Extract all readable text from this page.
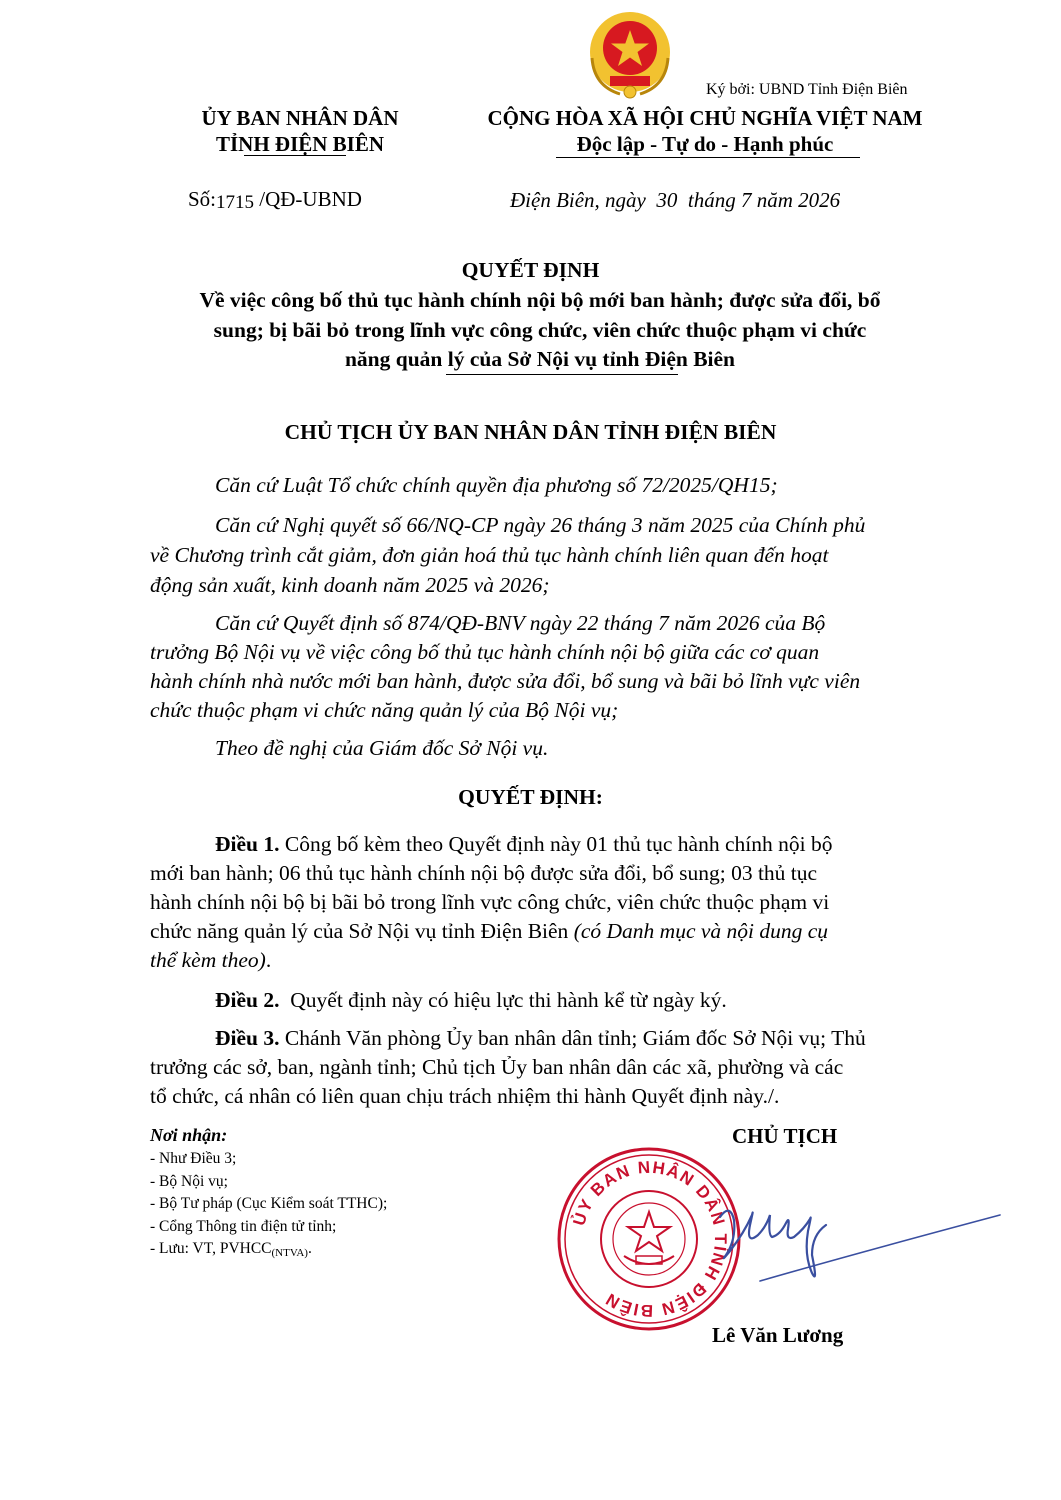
Ký bởi: UBND Tỉnh Điện Biên
ỦY BAN NHÂN DÂN
TỈNH ĐIỆN BIÊN
CỘNG HÒA XÃ HỘI CHỦ NGHĨA VIỆT NAM
Độc lập - Tự do - Hạnh phúc
Số:1715 /QĐ-UBND	Điện Biên, ngày  30  tháng 7 năm 2026
QUYẾT ĐỊNH
Về việc công bố thủ tục hành chính nội bộ mới ban hành; được sửa đổi, bổ
sung; bị bãi bỏ trong lĩnh vực công chức, viên chức thuộc phạm vi chức
năng quản lý của Sở Nội vụ tỉnh Điện Biên
CHỦ TỊCH ỦY BAN NHÂN DÂN TỈNH ĐIỆN BIÊN
Căn cứ Luật Tổ chức chính quyền địa phương số 72/2025/QH15;
Căn cứ Nghị quyết số 66/NQ-CP ngày 26 tháng 3 năm 2025 của Chính phủ
về Chương trình cắt giảm, đơn giản hoá thủ tục hành chính liên quan đến hoạt
động sản xuất, kinh doanh năm 2025 và 2026;
Căn cứ Quyết định số 874/QĐ-BNV ngày 22 tháng 7 năm 2026 của Bộ
trưởng Bộ Nội vụ về việc công bố thủ tục hành chính nội bộ giữa các cơ quan
hành chính nhà nước mới ban hành, được sửa đổi, bổ sung và bãi bỏ lĩnh vực viên
chức thuộc phạm vi chức năng quản lý của Bộ Nội vụ;
Theo đề nghị của Giám đốc Sở Nội vụ.
QUYẾT ĐỊNH:
Điều 1. Công bố kèm theo Quyết định này 01 thủ tục hành chính nội bộ
mới ban hành; 06 thủ tục hành chính nội bộ được sửa đổi, bổ sung; 03 thủ tục
hành chính nội bộ bị bãi bỏ trong lĩnh vực công chức, viên chức thuộc phạm vi
chức năng quản lý của Sở Nội vụ tỉnh Điện Biên (có Danh mục và nội dung cụ
thể kèm theo).
Điều 2.  Quyết định này có hiệu lực thi hành kể từ ngày ký.
Điều 3. Chánh Văn phòng Ủy ban nhân dân tỉnh; Giám đốc Sở Nội vụ; Thủ
trưởng các sở, ban, ngành tỉnh; Chủ tịch Ủy ban nhân dân các xã, phường và các
tổ chức, cá nhân có liên quan chịu trách nhiệm thi hành Quyết định này./.
Nơi nhận:
- Như Điều 3;
- Bộ Nội vụ;
- Bộ Tư pháp (Cục Kiểm soát TTHC);
- Cổng Thông tin điện tử tỉnh;
- Lưu: VT, PVHCC(NTVA).
CHỦ TỊCH
ỦY BAN NHÂN DÂN TỈNH ĐIỆN BIÊN
Lê Văn Lương
